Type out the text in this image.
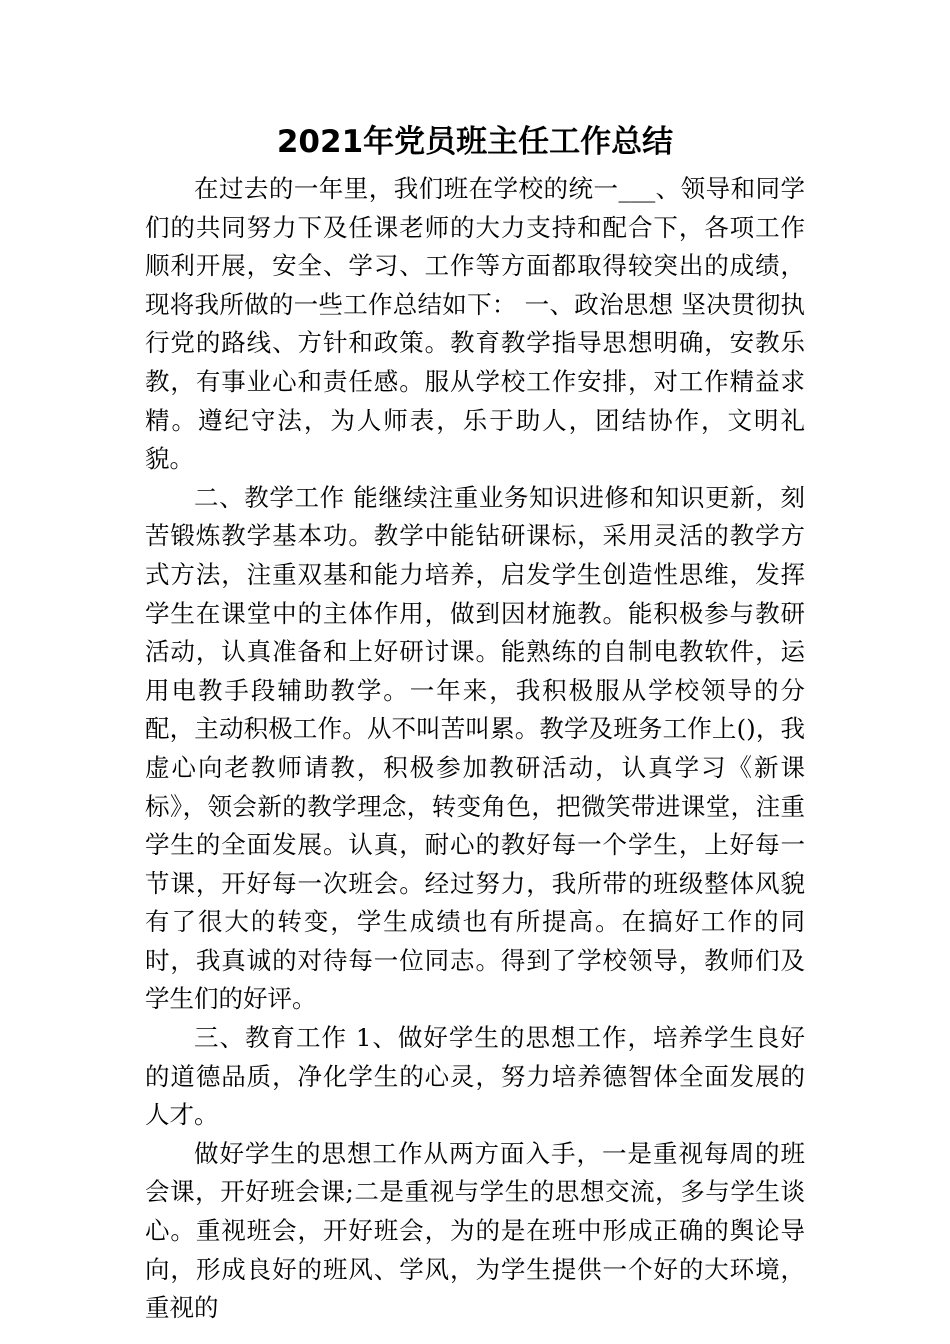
2021年党员班主任工作总结

在过去的一年里，我们班在学校的统一___、领导和同学们的共同努力下及任课老师的大力支持和配合下，各项工作顺利开展，安全、学习、工作等方面都取得较突出的成绩，现将我所做的一些工作总结如下： 一、政治思想 坚决贯彻执行党的路线、方针和政策。教育教学指导思想明确，安教乐教，有事业心和责任感。服从学校工作安排，对工作精益求精。遵纪守法，为人师表，乐于助人，团结协作，文明礼貌。

二、教学工作 能继续注重业务知识进修和知识更新，刻苦锻炼教学基本功。教学中能钻研课标，采用灵活的教学方式方法，注重双基和能力培养，启发学生创造性思维，发挥学生在课堂中的主体作用，做到因材施教。能积极参与教研活动，认真准备和上好研讨课。能熟练的自制电教软件，运用电教手段辅助教学。一年来，我积极服从学校领导的分配，主动积极工作。从不叫苦叫累。教学及班务工作上()，我虚心向老教师请教，积极参加教研活动，认真学习《新课标》，领会新的教学理念，转变角色，把微笑带进课堂，注重学生的全面发展。认真，耐心的教好每一个学生，上好每一节课，开好每一次班会。经过努力，我所带的班级整体风貌有了很大的转变，学生成绩也有所提高。在搞好工作的同时，我真诚的对待每一位同志。得到了学校领导，教师们及学生们的好评。

三、教育工作 1、做好学生的思想工作，培养学生良好的道德品质，净化学生的心灵，努力培养德智体全面发展的人才。

做好学生的思想工作从两方面入手，一是重视每周的班会课，开好班会课;二是重视与学生的思想交流，多与学生谈心。重视班会，开好班会，为的是在班中形成正确的舆论导向，形成良好的班风、学风，为学生提供一个好的大环境，重视的
